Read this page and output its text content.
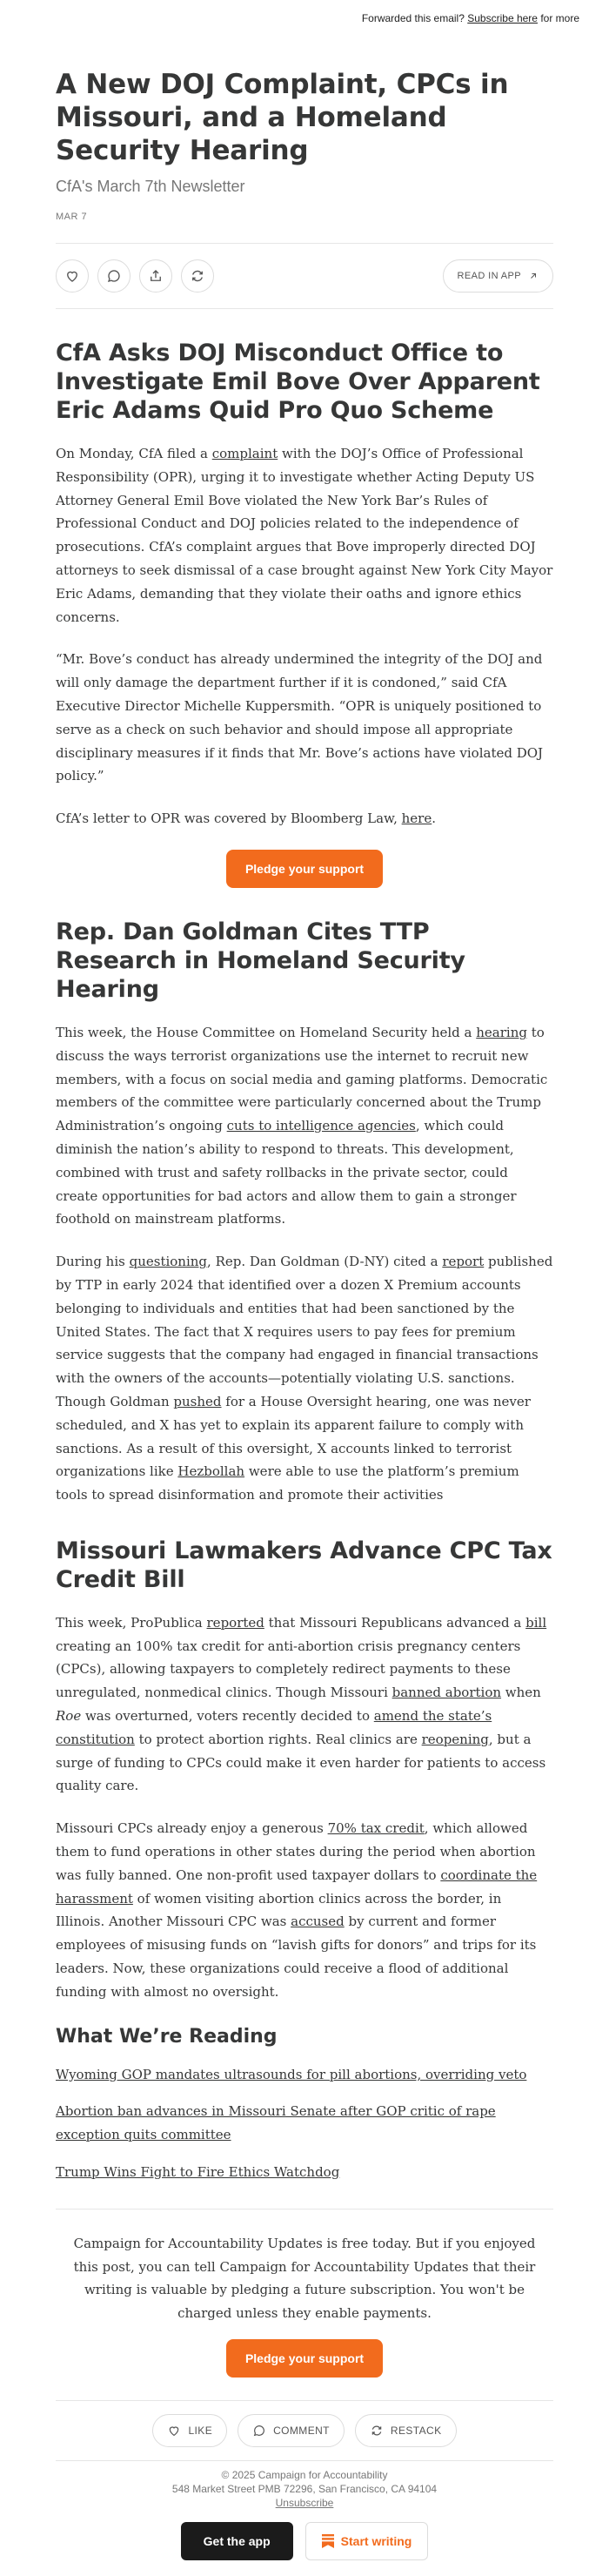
Forwarded this email? Subscribe here for more
A New DOJ Complaint, CPCs in Missouri, and a Homeland Security Hearing
CfA's March 7th Newsletter
MAR 7
READ IN APP
CfA Asks DOJ Misconduct Office to Investigate Emil Bove Over Apparent Eric Adams Quid Pro Quo Scheme

On Monday, CfA filed a complaint with the DOJ’s Office of Professional Responsibility (OPR), urging it to investigate whether Acting Deputy US Attorney General Emil Bove violated the New York Bar’s Rules of Professional Conduct and DOJ policies related to the independence of prosecutions. CfA’s complaint argues that Bove improperly directed DOJ attorneys to seek dismissal of a case brought against New York City Mayor Eric Adams, demanding that they violate their oaths and ignore ethics concerns.

“Mr. Bove’s conduct has already undermined the integrity of the DOJ and will only damage the department further if it is condoned,” said CfA Executive Director Michelle Kuppersmith. “OPR is uniquely positioned to serve as a check on such behavior and should impose all appropriate disciplinary measures if it finds that Mr. Bove’s actions have violated DOJ policy.”

CfA’s letter to OPR was covered by Bloomberg Law, here.

Pledge your support
Rep. Dan Goldman Cites TTP Research in Homeland Security Hearing

This week, the House Committee on Homeland Security held a hearing to discuss the ways terrorist organizations use the internet to recruit new members, with a focus on social media and gaming platforms. Democratic members of the committee were particularly concerned about the Trump Administration’s ongoing cuts to intelligence agencies, which could diminish the nation’s ability to respond to threats. This development, combined with trust and safety rollbacks in the private sector, could create opportunities for bad actors and allow them to gain a stronger foothold on mainstream platforms.

During his questioning, Rep. Dan Goldman (D-NY) cited a report published by TTP in early 2024 that identified over a dozen X Premium accounts belonging to individuals and entities that had been sanctioned by the United States. The fact that X requires users to pay fees for premium service suggests that the company had engaged in financial transactions with the owners of the accounts—potentially violating U.S. sanctions. Though Goldman pushed for a House Oversight hearing, one was never scheduled, and X has yet to explain its apparent failure to comply with sanctions. As a result of this oversight, X accounts linked to terrorist organizations like Hezbollah were able to use the platform’s premium tools to spread disinformation and promote their activities

Missouri Lawmakers Advance CPC Tax Credit Bill

This week, ProPublica reported that Missouri Republicans advanced a bill creating an 100% tax credit for anti-abortion crisis pregnancy centers (CPCs), allowing taxpayers to completely redirect payments to these unregulated, nonmedical clinics. Though Missouri banned abortion when Roe was overturned, voters recently decided to amend the state’s constitution to protect abortion rights. Real clinics are reopening, but a surge of funding to CPCs could make it even harder for patients to access quality care.

Missouri CPCs already enjoy a generous 70% tax credit, which allowed them to fund operations in other states during the period when abortion was fully banned. One non-profit used taxpayer dollars to coordinate the harassment of women visiting abortion clinics across the border, in Illinois. Another Missouri CPC was accused by current and former employees of misusing funds on “lavish gifts for donors” and trips for its leaders. Now, these organizations could receive a flood of additional funding with almost no oversight.

What We’re Reading

Wyoming GOP mandates ultrasounds for pill abortions, overriding veto

Abortion ban advances in Missouri Senate after GOP critic of rape exception quits committee

Trump Wins Fight to Fire Ethics Watchdog

Campaign for Accountability Updates is free today. But if you enjoyed this post, you can tell Campaign for Accountability Updates that their writing is valuable by pledging a future subscription. You won't be charged unless they enable payments.
Pledge your support
LIKE	COMMENT	RESTACK
© 2025 Campaign for Accountability
548 Market Street PMB 72296, San Francisco, CA 94104
Unsubscribe
Get the app	Start writing
